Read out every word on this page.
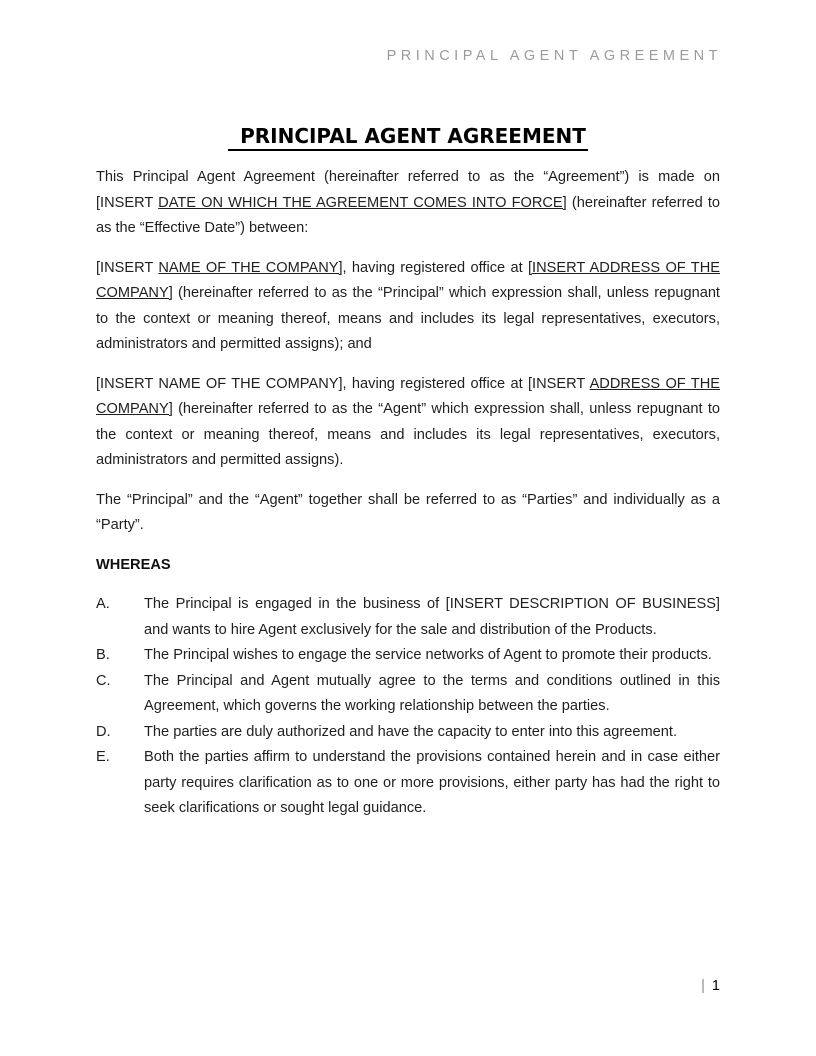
PRINCIPAL AGENT AGREEMENT
PRINCIPAL AGENT AGREEMENT

This Principal Agent Agreement (hereinafter referred to as the “Agreement”) is made on [INSERT DATE ON WHICH THE AGREEMENT COMES INTO FORCE] (hereinafter referred to as the “Effective Date”) between:

[INSERT NAME OF THE COMPANY], having registered office at [INSERT ADDRESS OF THE COMPANY] (hereinafter referred to as the “Principal” which expression shall, unless repugnant to the context or meaning thereof, means and includes its legal representatives, executors, administrators and permitted assigns); and

[INSERT NAME OF THE COMPANY], having registered office at [INSERT ADDRESS OF THE COMPANY] (hereinafter referred to as the “Agent” which expression shall, unless repugnant to the context or meaning thereof, means and includes its legal representatives, executors, administrators and permitted assigns).

The “Principal” and the “Agent” together shall be referred to as “Parties” and individually as a “Party”.

WHEREAS

A.	The Principal is engaged in the business of [INSERT DESCRIPTION OF BUSINESS] and wants to hire Agent exclusively for the sale and distribution of the Products.
B.	The Principal wishes to engage the service networks of Agent to promote their products.
C.	The Principal and Agent mutually agree to the terms and conditions outlined in this Agreement, which governs the working relationship between the parties.
D.	The parties are duly authorized and have the capacity to enter into this agreement.
E.	Both the parties affirm to understand the provisions contained herein and in case either party requires clarification as to one or more provisions, either party has had the right to seek clarifications or sought legal guidance.
| 1
